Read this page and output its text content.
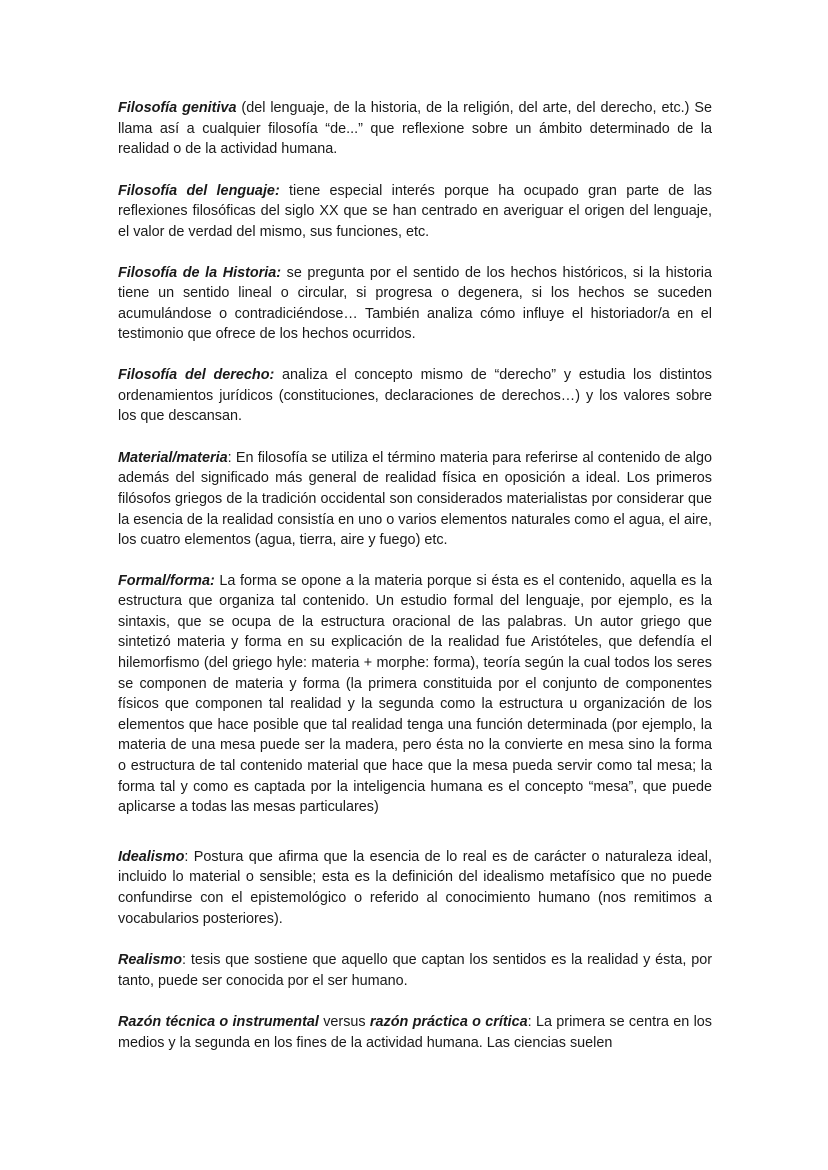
Filosofía genitiva (del lenguaje, de la historia, de la religión, del arte, del derecho, etc.) Se llama así a cualquier filosofía “de...” que reflexione sobre un ámbito determinado de la realidad o de la actividad humana.

Filosofía del lenguaje: tiene especial interés porque ha ocupado gran parte de las reflexiones filosóficas del siglo XX que se han centrado en averiguar el origen del lenguaje, el valor de verdad del mismo, sus funciones, etc.

Filosofía de la Historia: se pregunta por el sentido de los hechos históricos, si la historia tiene un sentido lineal o circular, si progresa o degenera, si los hechos se suceden acumulándose o contradiciéndose… También analiza cómo influye el historiador/a en el testimonio que ofrece de los hechos ocurridos.

Filosofía del derecho: analiza el concepto mismo de “derecho” y estudia los distintos ordenamientos jurídicos (constituciones, declaraciones de derechos…) y los valores sobre los que descansan.

Material/materia: En filosofía se utiliza el término materia para referirse al contenido de algo además del significado más general de realidad física en oposición a ideal. Los primeros filósofos griegos de la tradición occidental son considerados materialistas por considerar que la esencia de la realidad consistía en uno o varios elementos naturales como el agua, el aire, los cuatro elementos (agua, tierra, aire y fuego) etc.

Formal/forma: La forma se opone a la materia porque si ésta es el contenido, aquella es la estructura que organiza tal contenido. Un estudio formal del lenguaje, por ejemplo, es la sintaxis, que se ocupa de la estructura oracional de las palabras. Un autor griego que sintetizó materia y forma en su explicación de la realidad fue Aristóteles, que defendía el hilemorfismo (del griego hyle: materia + morphe: forma), teoría según la cual todos los seres se componen de materia y forma (la primera constituida por el conjunto de componentes físicos que componen tal realidad y la segunda como la estructura u organización de los elementos que hace posible que tal realidad tenga una función determinada (por ejemplo, la materia de una mesa puede ser la madera, pero ésta no la convierte en mesa sino la forma o estructura de tal contenido material que hace que la mesa pueda servir como tal mesa; la forma tal y como es captada por la inteligencia humana es el concepto “mesa”, que puede aplicarse a todas las mesas particulares)

Idealismo: Postura que afirma que la esencia de lo real es de carácter o naturaleza ideal, incluido lo material o sensible; esta es la definición del idealismo metafísico que no puede confundirse con el epistemológico o referido al conocimiento humano (nos remitimos a vocabularios posteriores).

Realismo: tesis que sostiene que aquello que captan los sentidos es la realidad y ésta, por tanto, puede ser conocida por el ser humano.

Razón técnica o instrumental versus razón práctica o crítica: La primera se centra en los medios y la segunda en los fines de la actividad humana. Las ciencias suelen
